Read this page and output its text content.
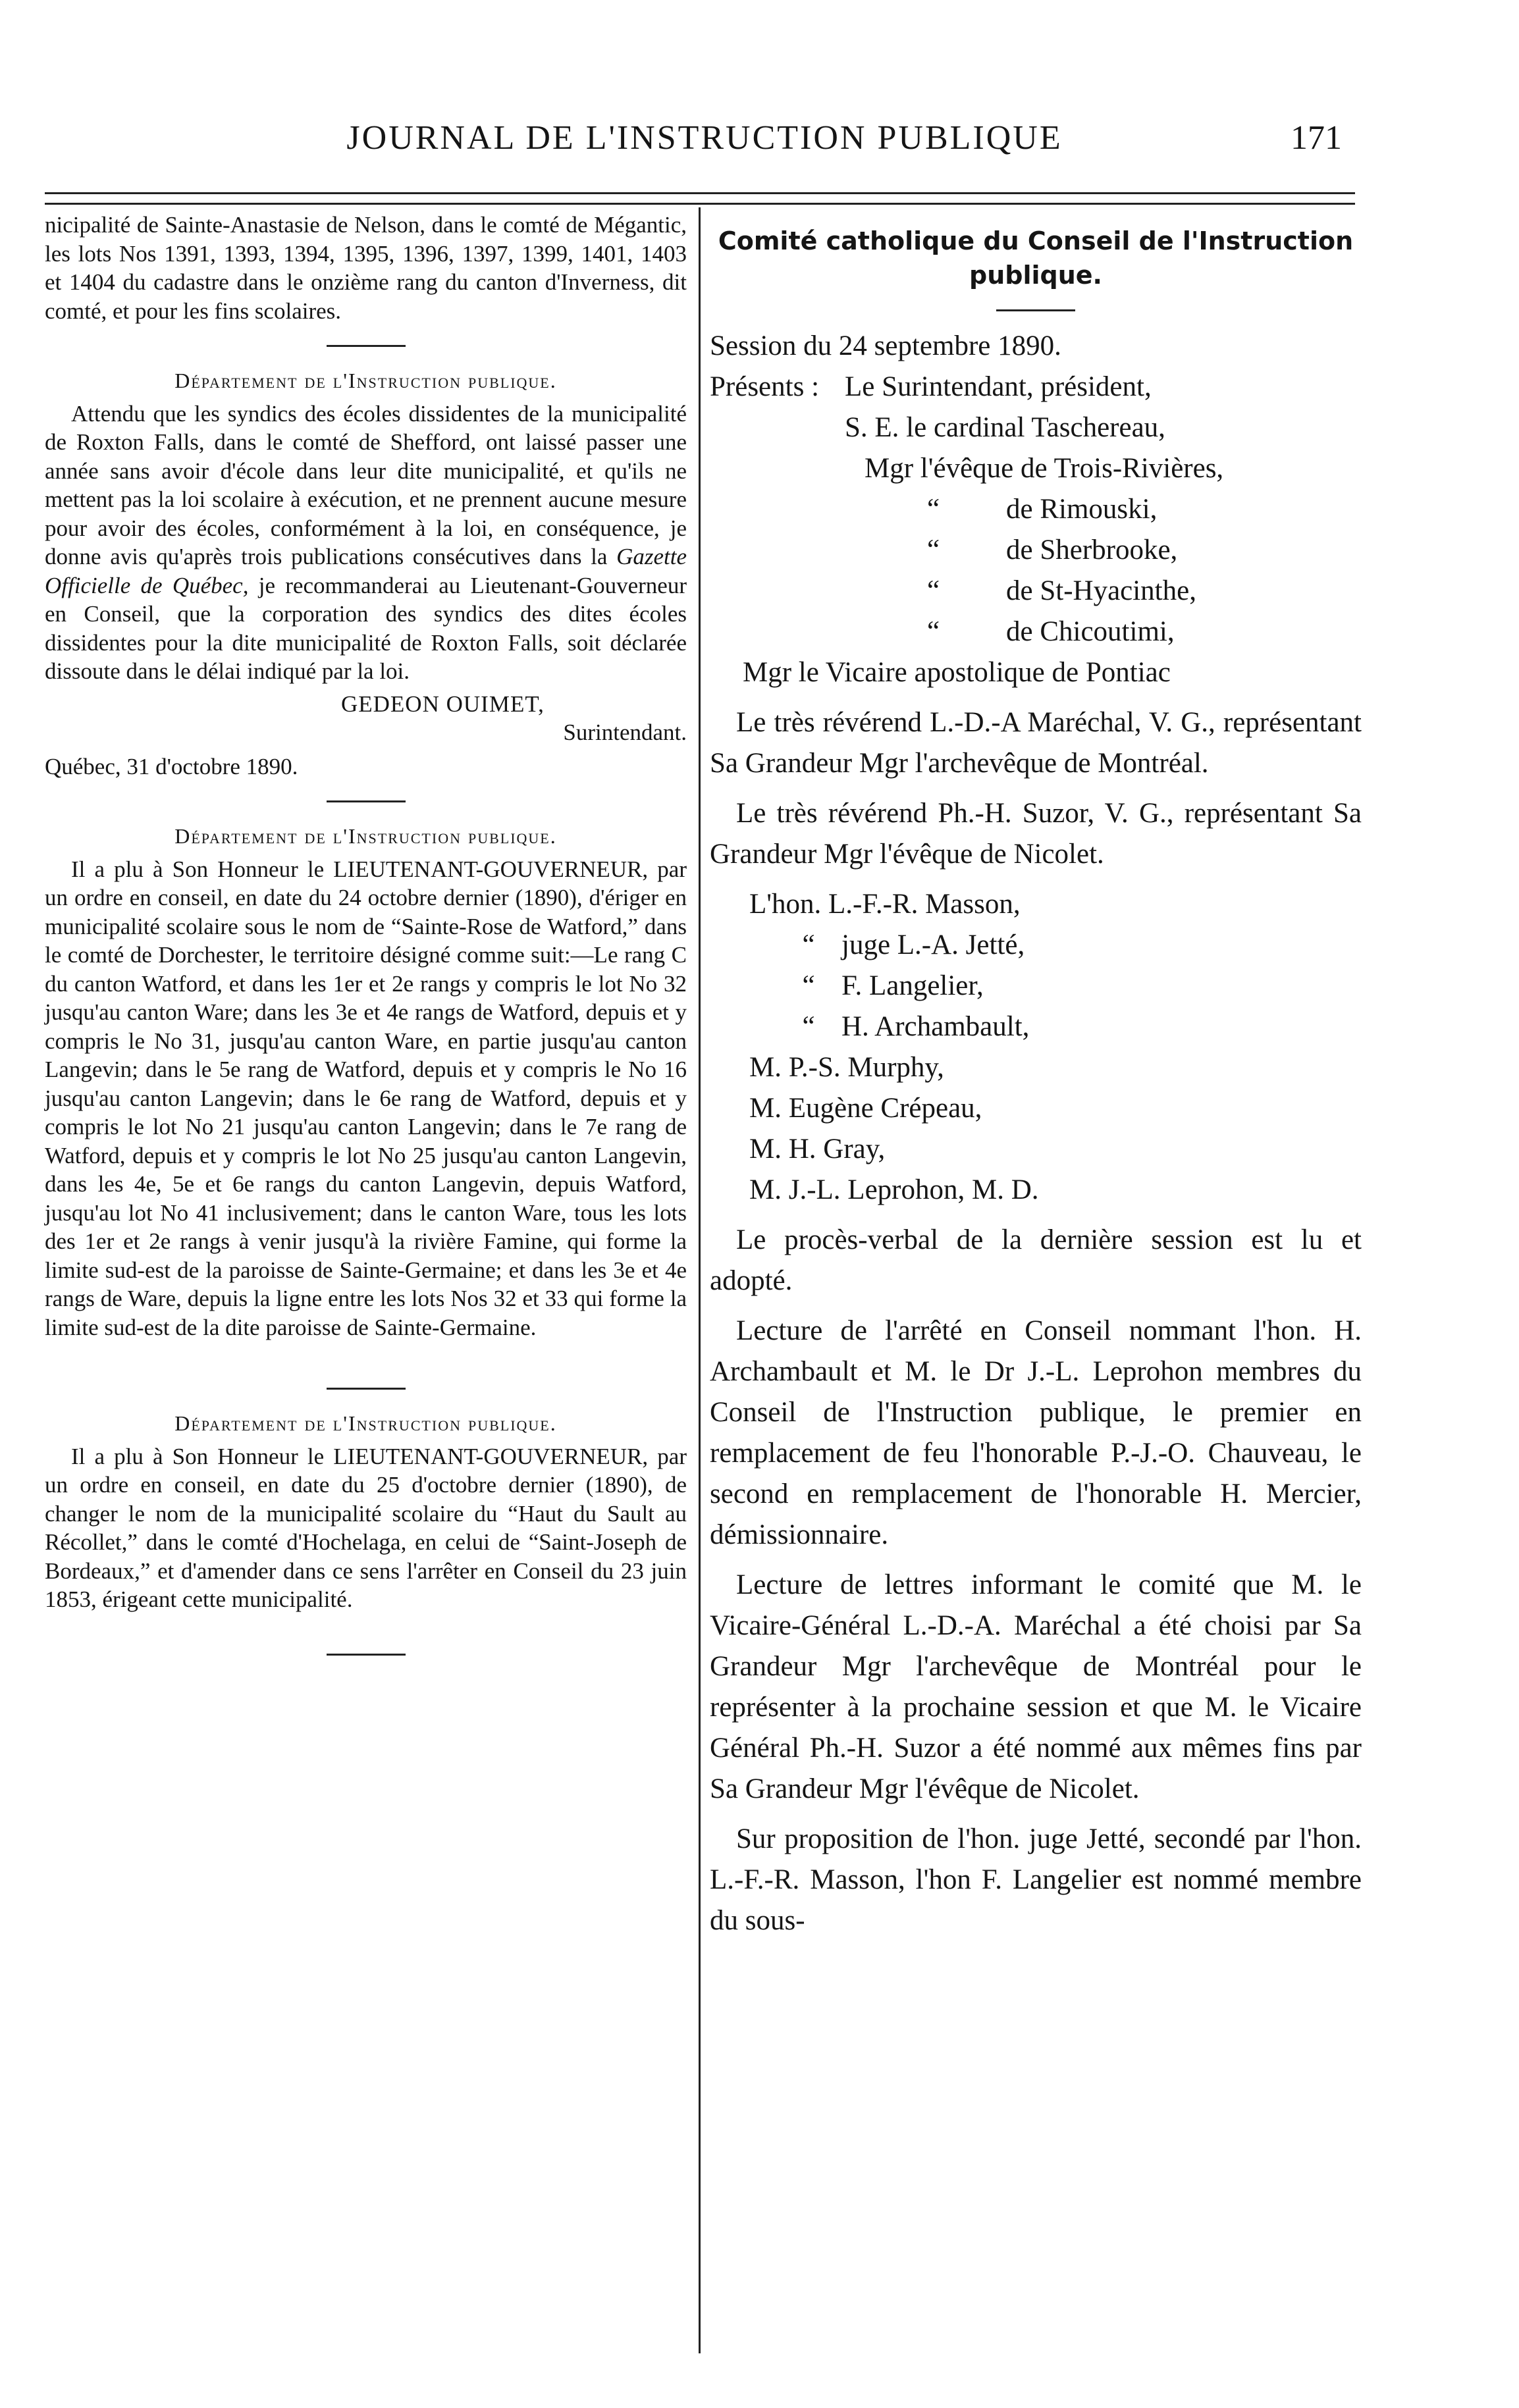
JOURNAL DE L'INSTRUCTION PUBLIQUE	171

nicipalité de Sainte-Anastasie de Nelson, dans le comté de Mégantic, les lots Nos 1391, 1393, 1394, 1395, 1396, 1397, 1399, 1401, 1403 et 1404 du cadastre dans le onzième rang du canton d'Inverness, dit comté, et pour les fins scolaires.

Département de l'Instruction publique.

Attendu que les syndics des écoles dissidentes de la municipalité de Roxton Falls, dans le comté de Shefford, ont laissé passer une année sans avoir d'école dans leur dite municipalité, et qu'ils ne mettent pas la loi scolaire à exécution, et ne prennent aucune mesure pour avoir des écoles, conformément à la loi, en conséquence, je donne avis qu'après trois publications consécutives dans la Gazette Officielle de Québec, je recommanderai au Lieutenant-Gouverneur en Conseil, que la corporation des syndics des dites écoles dissidentes pour la dite municipalité de Roxton Falls, soit déclarée dissoute dans le délai indiqué par la loi.

GEDEON OUIMET,
Surintendant.
Québec, 31 d'octobre 1890.
Département de l'Instruction publique.

Il a plu à Son Honneur le LIEUTENANT-GOUVERNEUR, par un ordre en conseil, en date du 24 octobre dernier (1890), d'ériger en municipalité scolaire sous le nom de “Sainte-Rose de Watford,” dans le comté de Dorchester, le territoire désigné comme suit:—Le rang C du canton Watford, et dans les 1er et 2e rangs y compris le lot No 32 jusqu'au canton Ware; dans les 3e et 4e rangs de Watford, depuis et y compris le No 31, jusqu'au canton Ware, en partie jusqu'au canton Langevin; dans le 5e rang de Watford, depuis et y compris le No 16 jusqu'au canton Langevin; dans le 6e rang de Watford, depuis et y compris le lot No 21 jusqu'au canton Langevin; dans le 7e rang de Watford, depuis et y compris le lot No 25 jusqu'au canton Langevin, dans les 4e, 5e et 6e rangs du canton Langevin, depuis Watford, jusqu'au lot No 41 inclusivement; dans le canton Ware, tous les lots des 1er et 2e rangs à venir jusqu'à la rivière Famine, qui forme la limite sud-est de la paroisse de Sainte-Germaine; et dans les 3e et 4e rangs de Ware, depuis la ligne entre les lots Nos 32 et 33 qui forme la limite sud-est de la dite paroisse de Sainte-Germaine.

Département de l'Instruction publique.

Il a plu à Son Honneur le LIEUTENANT-GOUVERNEUR, par un ordre en conseil, en date du 25 d'octobre dernier (1890), de changer le nom de la municipalité scolaire du “Haut du Sault au Récollet,” dans le comté d'Hochelaga, en celui de “Saint-Joseph de Bordeaux,” et d'amender dans ce sens l'arrêter en Conseil du 23 juin 1853, érigeant cette municipalité.

Comité catholique du Conseil de l'Instruction publique.

Session du 24 septembre 1890.

Présents : Le Surintendant, président,
S. E. le cardinal Taschereau,
Mgr l'évêque de Trois-Rivières,
“	de Rimouski,
“	de Sherbrooke,
“	de St-Hyacinthe,
“	de Chicoutimi,
Mgr le Vicaire apostolique de Pontiac

Le très révérend L.-D.-A Maréchal, V. G., représentant Sa Grandeur Mgr l'archevêque de Montréal.

Le très révérend Ph.-H. Suzor, V. G., représentant Sa Grandeur Mgr l'évêque de Nicolet.

L'hon. L.-F.-R. Masson,
“ juge L.-A. Jetté,
“ F. Langelier,
“ H. Archambault,
M. P.-S. Murphy,
M. Eugène Crépeau,
M. H. Gray,
M. J.-L. Leprohon, M. D.

Le procès-verbal de la dernière session est lu et adopté.

Lecture de l'arrêté en Conseil nommant l'hon. H. Archambault et M. le Dr J.-L. Leprohon membres du Conseil de l'Instruction publique, le premier en remplacement de feu l'honorable P.-J.-O. Chauveau, le second en remplacement de l'honorable H. Mercier, démissionnaire.

Lecture de lettres informant le comité que M. le Vicaire-Général L.-D.-A. Maréchal a été choisi par Sa Grandeur Mgr l'archevêque de Montréal pour le représenter à la prochaine session et que M. le Vicaire Général Ph.-H. Suzor a été nommé aux mêmes fins par Sa Grandeur Mgr l'évêque de Nicolet.

Sur proposition de l'hon. juge Jetté, secondé par l'hon. L.-F.-R. Masson, l'hon F. Langelier est nommé membre du sous-
